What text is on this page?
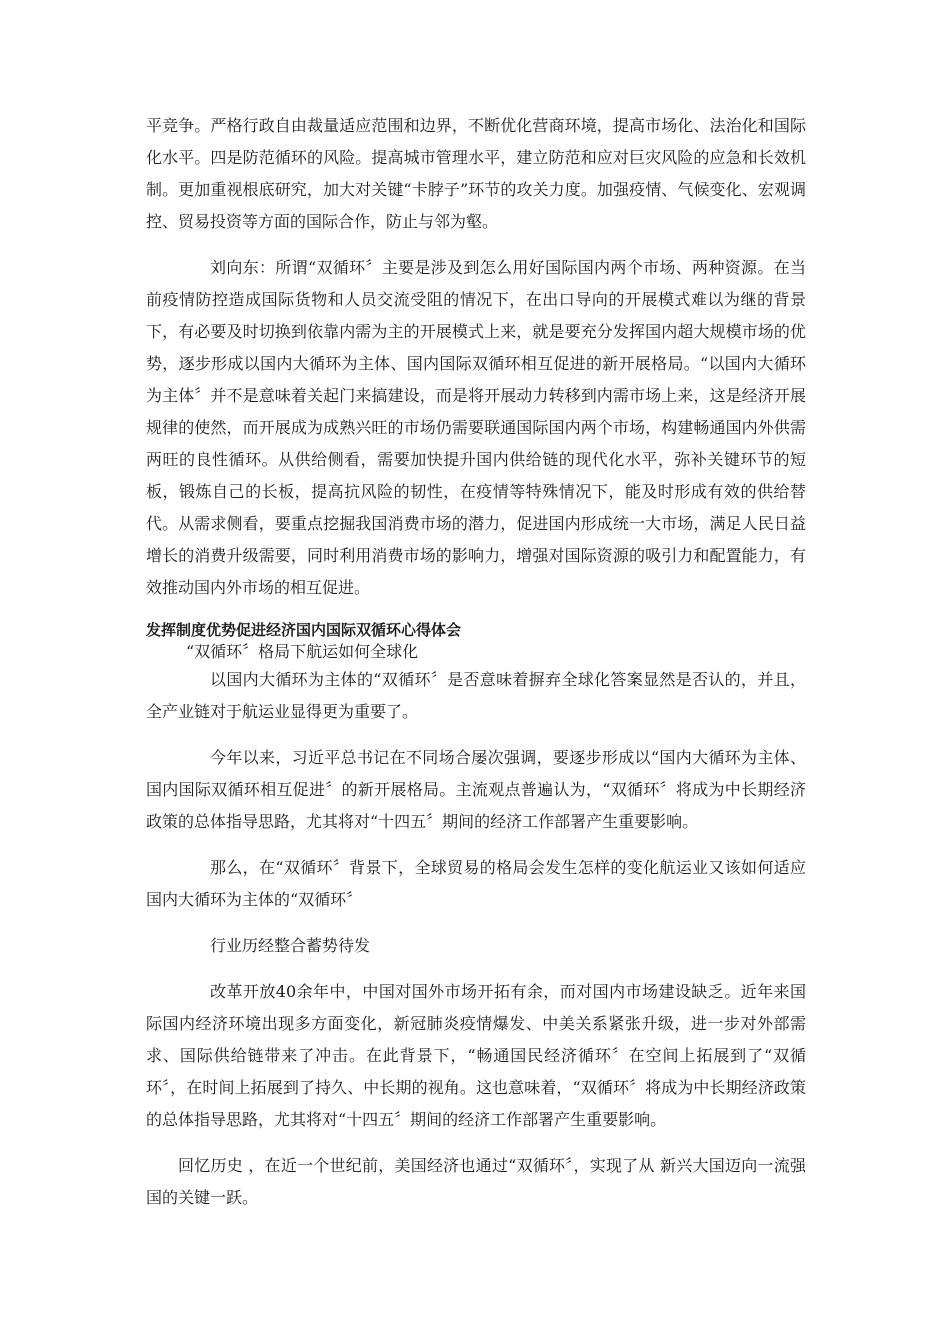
平竞争。严格行政自由裁量适应范围和边界，不断优化营商环境，提高市场化、法治化和国际化水平。四是防范循环的风险。提高城市管理水平，建立防范和应对巨灾风险的应急和长效机制。更加重视根底研究，加大对关键“卡脖子”环节的攻关力度。加强疫情、气候变化、宏观调控、贸易投资等方面的国际合作，防止与邻为壑。

刘向东：所谓“双循环〞主要是涉及到怎么用好国际国内两个市场、两种资源。在当前疫情防控造成国际货物和人员交流受阻的情况下，在出口导向的开展模式难以为继的背景下，有必要及时切换到依靠内需为主的开展模式上来，就是要充分发挥国内超大规模市场的优势，逐步形成以国内大循环为主体、国内国际双循环相互促进的新开展格局。“以国内大循环为主体〞并不是意味着关起门来搞建设，而是将开展动力转移到内需市场上来，这是经济开展规律的使然，而开展成为成熟兴旺的市场仍需要联通国际国内两个市场，构建畅通国内外供需两旺的良性循环。从供给侧看，需要加快提升国内供给链的现代化水平，弥补关键环节的短板，锻炼自己的长板，提高抗风险的韧性，在疫情等特殊情况下，能及时形成有效的供给替代。从需求侧看，要重点挖掘我国消费市场的潜力，促进国内形成统一大市场，满足人民日益增长的消费升级需要，同时利用消费市场的影响力，增强对国际资源的吸引力和配置能力，有效推动国内外市场的相互促进。

发挥制度优势促进经济国内国际双循环心得体会

“双循环〞格局下航运如何全球化

以国内大循环为主体的“双循环〞是否意味着摒弃全球化答案显然是否认的，并且，全产业链对于航运业显得更为重要了。

今年以来，习近平总书记在不同场合屡次强调，要逐步形成以“国内大循环为主体、国内国际双循环相互促进〞的新开展格局。主流观点普遍认为，“双循环〞将成为中长期经济政策的总体指导思路，尤其将对“十四五〞期间的经济工作部署产生重要影响。

那么，在“双循环〞背景下，全球贸易的格局会发生怎样的变化航运业又该如何适应国内大循环为主体的“双循环〞

行业历经整合蓄势待发

改革开放40余年中，中国对国外市场开拓有余，而对国内市场建设缺乏。近年来国际国内经济环境出现多方面变化，新冠肺炎疫情爆发、中美关系紧张升级，进一步对外部需求、国际供给链带来了冲击。在此背景下，“畅通国民经济循环〞在空间上拓展到了“双循环〞，在时间上拓展到了持久、中长期的视角。这也意味着，“双循环〞将成为中长期经济政策的总体指导思路，尤其将对“十四五〞期间的经济工作部署产生重要影响。

回忆历史 ，在近一个世纪前，美国经济也通过“双循环〞，实现了从 新兴大国迈向一流强国的关键一跃。
